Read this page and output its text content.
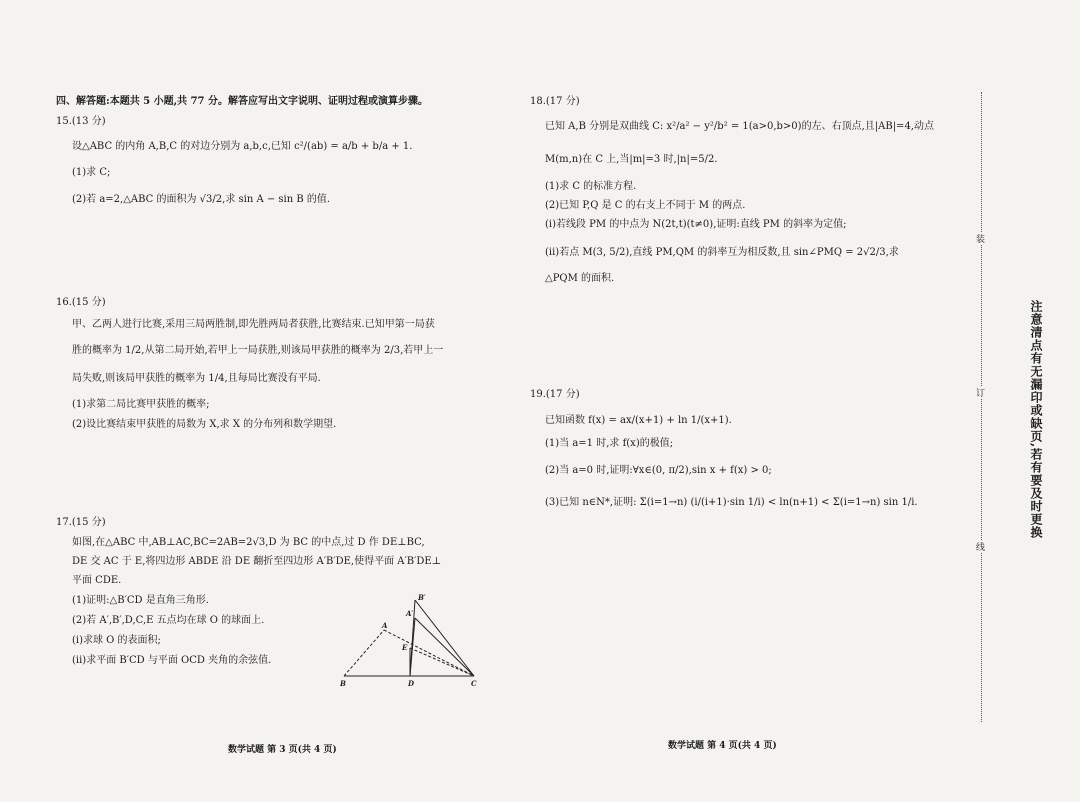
四、解答题:本题共 5 小题,共 77 分。解答应写出文字说明、证明过程或演算步骤。
15.(13 分)
设△ABC 的内角 A,B,C 的对边分别为 a,b,c,已知 c²/(ab) = a/b + b/a + 1.
(1)求 C;
(2)若 a=2,△ABC 的面积为 √3/2,求 sin A − sin B 的值.
16.(15 分)
甲、乙两人进行比赛,采用三局两胜制,即先胜两局者获胜,比赛结束.已知甲第一局获
胜的概率为 1/2,从第二局开始,若甲上一局获胜,则该局甲获胜的概率为 2/3,若甲上一
局失败,则该局甲获胜的概率为 1/4,且每局比赛没有平局.
(1)求第二局比赛甲获胜的概率;
(2)设比赛结束甲获胜的局数为 X,求 X 的分布列和数学期望.
17.(15 分)
如图,在△ABC 中,AB⊥AC,BC=2AB=2√3,D 为 BC 的中点,过 D 作 DE⊥BC,
DE 交 AC 于 E,将四边形 ABDE 沿 DE 翻折至四边形 A′B′DE,使得平面 A′B′DE⊥
平面 CDE.
(1)证明:△B′CD 是直角三角形.
(2)若 A′,B′,D,C,E 五点均在球 O 的球面上.
(ⅰ)求球 O 的表面积;
(ⅱ)求平面 B′CD 与平面 OCD 夹角的余弦值.
A
A′
B′
E
B	D	C
数学试题 第 3 页(共 4 页)
18.(17 分)
已知 A,B 分别是双曲线 C: x²/a² − y²/b² = 1(a>0,b>0)的左、右顶点,且|AB|=4,动点
M(m,n)在 C 上,当|m|=3 时,|n|=5/2.
(1)求 C 的标准方程.
(2)已知 P,Q 是 C 的右支上不同于 M 的两点.
(ⅰ)若线段 PM 的中点为 N(2t,t)(t≠0),证明:直线 PM 的斜率为定值;
(ⅱ)若点 M(3, 5/2),直线 PM,QM 的斜率互为相反数,且 sin∠PMQ = 2√2/3,求
△PQM 的面积.
19.(17 分)
已知函数 f(x) = ax/(x+1) + ln 1/(x+1).
(1)当 a=1 时,求 f(x)的极值;
(2)当 a=0 时,证明:∀x∈(0, π/2),sin x + f(x) > 0;
(3)已知 n∈N*,证明: Σ(i=1→n) (i/(i+1)·sin 1/i) < ln(n+1) < Σ(i=1→n) sin 1/i.
数学试题 第 4 页(共 4 页)
装
订
线
注意清点有无漏印或缺页,若有要及时更换
